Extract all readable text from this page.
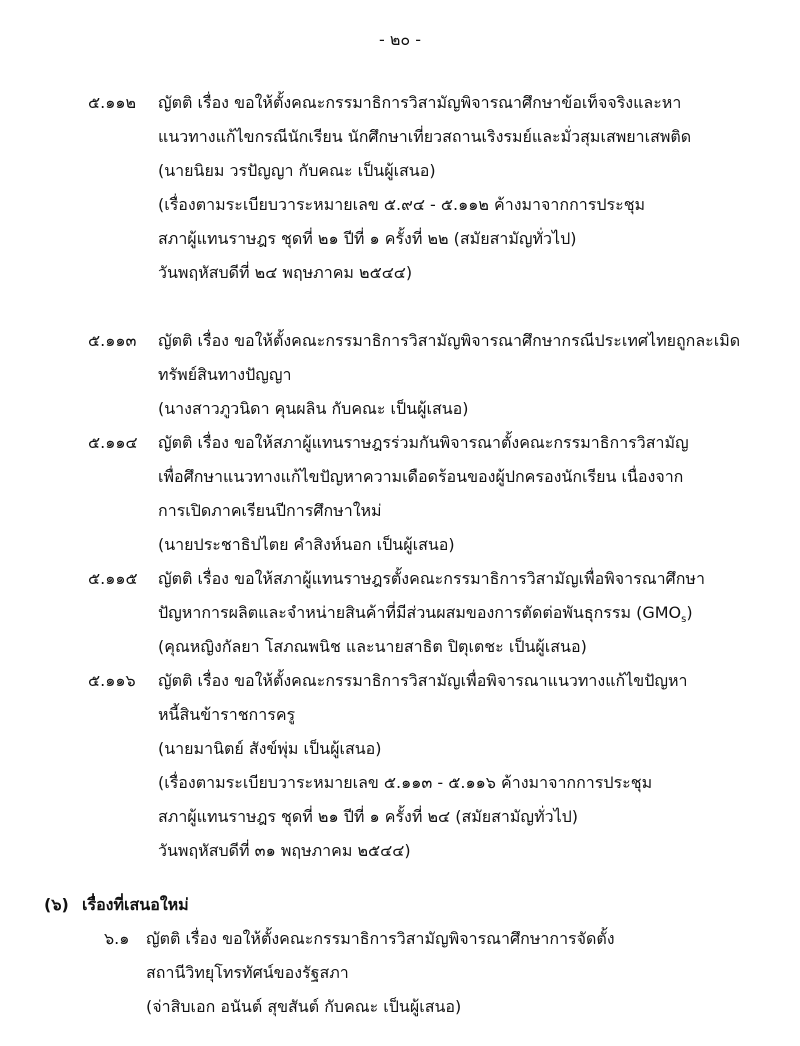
- ๒๐ -
๕.๑๑๒ ญัตติ เรื่อง ขอให้ตั้งคณะกรรมาธิการวิสามัญพิจารณาศึกษาข้อเท็จจริงและหา
แนวทางแก้ไขกรณีนักเรียน นักศึกษาเที่ยวสถานเริงรมย์และมั่วสุมเสพยาเสพติด
(นายนิยม วรปัญญา กับคณะ เป็นผู้เสนอ)
(เรื่องตามระเบียบวาระหมายเลข ๕.๙๔ - ๕.๑๑๒ ค้างมาจากการประชุม
สภาผู้แทนราษฎร ชุดที่ ๒๑ ปีที่ ๑ ครั้งที่ ๒๒ (สมัยสามัญทั่วไป)
วันพฤหัสบดีที่ ๒๔ พฤษภาคม ๒๕๔๔)
๕.๑๑๓ ญัตติ เรื่อง ขอให้ตั้งคณะกรรมาธิการวิสามัญพิจารณาศึกษากรณีประเทศไทยถูกละเมิด
ทรัพย์สินทางปัญญา
(นางสาวภูวนิดา คุนผลิน กับคณะ เป็นผู้เสนอ)
๕.๑๑๔ ญัตติ เรื่อง ขอให้สภาผู้แทนราษฎรร่วมกันพิจารณาตั้งคณะกรรมาธิการวิสามัญ
เพื่อศึกษาแนวทางแก้ไขปัญหาความเดือดร้อนของผู้ปกครองนักเรียน เนื่องจาก
การเปิดภาคเรียนปีการศึกษาใหม่
(นายประชาธิปไตย คำสิงห์นอก เป็นผู้เสนอ)
๕.๑๑๕ ญัตติ เรื่อง ขอให้สภาผู้แทนราษฎรตั้งคณะกรรมาธิการวิสามัญเพื่อพิจารณาศึกษา
ปัญหาการผลิตและจำหน่ายสินค้าที่มีส่วนผสมของการตัดต่อพันธุกรรม $(GMO_s)$
(คุณหญิงกัลยา โสภณพนิช และนายสาธิต ปิตุเตชะ เป็นผู้เสนอ)
๕.๑๑๖ ญัตติ เรื่อง ขอให้ตั้งคณะกรรมาธิการวิสามัญเพื่อพิจารณาแนวทางแก้ไขปัญหา
หนี้สินข้าราชการครู
(นายมานิตย์ สังข์พุ่ม เป็นผู้เสนอ)
(เรื่องตามระเบียบวาระหมายเลข ๕.๑๑๓ - ๕.๑๑๖ ค้างมาจากการประชุม
สภาผู้แทนราษฎร ชุดที่ ๒๑ ปีที่ ๑ ครั้งที่ ๒๔ (สมัยสามัญทั่วไป)
วันพฤหัสบดีที่ ๓๑ พฤษภาคม ๒๕๔๔)
(๖) เรื่องที่เสนอใหม่
๖.๑ ญัตติ เรื่อง ขอให้ตั้งคณะกรรมาธิการวิสามัญพิจารณาศึกษาการจัดตั้ง
สถานีวิทยุโทรทัศน์ของรัฐสภา
(จ่าสิบเอก อนันต์ สุขสันต์ กับคณะ เป็นผู้เสนอ)
